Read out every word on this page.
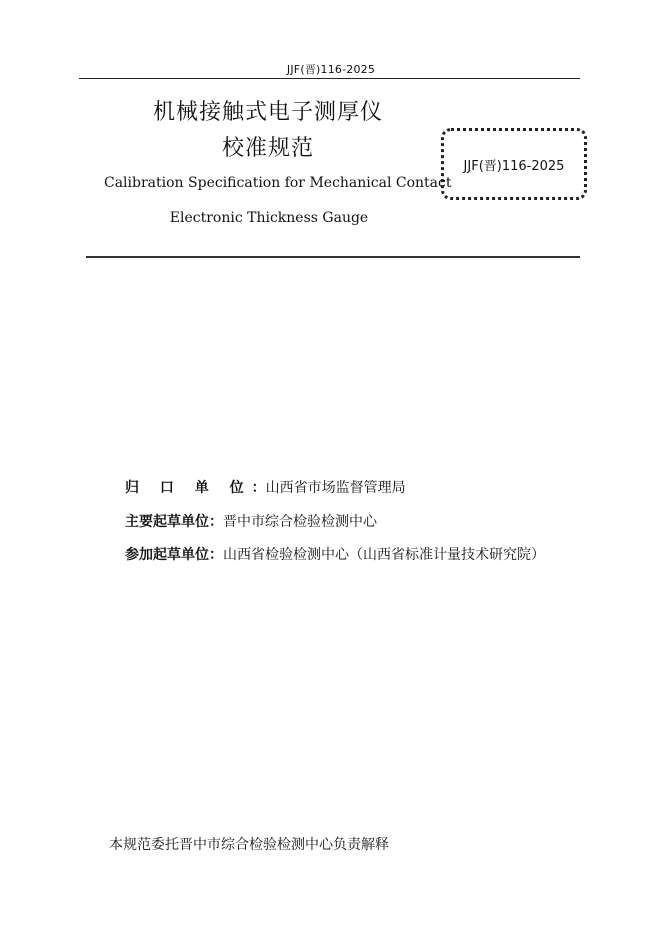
JJF(晋)116-2025
机械接触式电子测厚仪
校准规范
Calibration Specification for Mechanical Contact
Electronic Thickness Gauge
JJF(晋)116-2025
归 口 单 位：山西省市场监督管理局
主要起草单位：晋中市综合检验检测中心
参加起草单位：山西省检验检测中心（山西省标准计量技术研究院）
本规范委托晋中市综合检验检测中心负责解释
